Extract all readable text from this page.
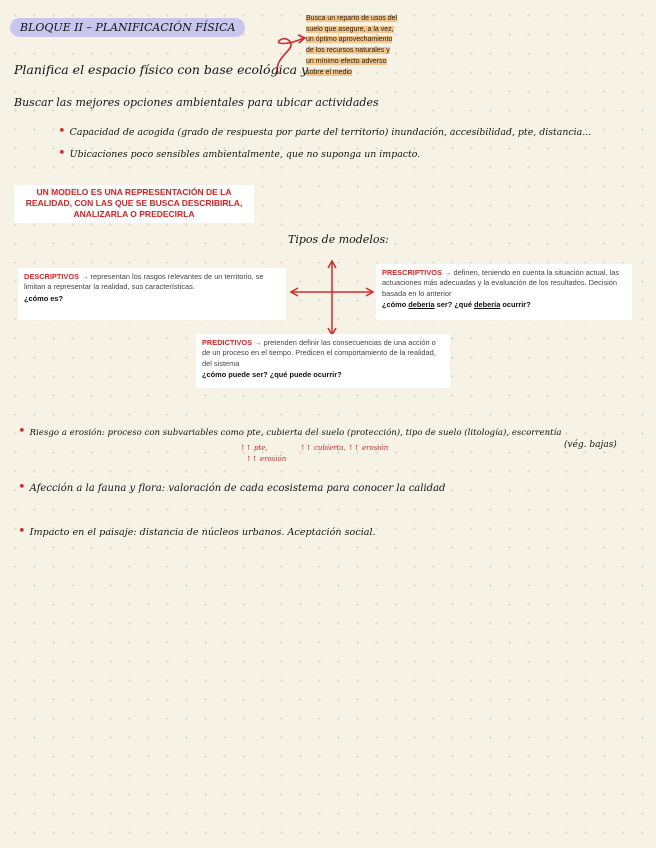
BLOQUE II – PLANIFICACIÓN FÍSICA
Busca un reparto de usos del
suelo que asegure, a la vez,
un óptimo aprovechamiento
de los recursos naturales y
un mínimo efecto adverso
sobre el medio
Planifica el espacio físico con base ecológica y
Buscar las mejores opciones ambientales para ubicar actividades
• Capacidad de acogida (grado de respuesta por parte del territorio) inundación, accesibilidad, pte, distancia...
• Ubicaciones poco sensibles ambientalmente, que no suponga un impacto.
UN MODELO ES UNA REPRESENTACIÓN DE LA REALIDAD, CON LAS QUE SE BUSCA DESCRIBIRLA, ANALIZARLA O PREDECIRLA
Tipos de modelos:
DESCRIPTIVOS → representan los rasgos relevantes de un territorio, se limitan a representar la realidad, sus características.
¿cómo es?
PRESCRIPTIVOS → definen, teniendo en cuenta la situación actual, las actuaciones más adecuadas y la evaluación de los resultados. Decisión basada en lo anterior
¿cómo debería ser? ¿qué debería ocurrir?
PREDICTIVOS → pretenden definir las consecuencias de una acción o de un proceso en el tiempo. Predicen el comportamiento de la realidad, del sistema
¿cómo puede ser? ¿qué puede ocurrir?
• Riesgo a erosión: proceso con subvariables como pte, cubierta del suelo (protección), tipo de suelo (litología), escorrentía
(vég. bajas)
↑↑ pte,
↑↑ erosión
↑↑ cubierta, ↑↑ erosión
• Afección a la fauna y flora: valoración de cada ecosistema para conocer la calidad
• Impacto en el paisaje: distancia de núcleos urbanos. Aceptación social.
